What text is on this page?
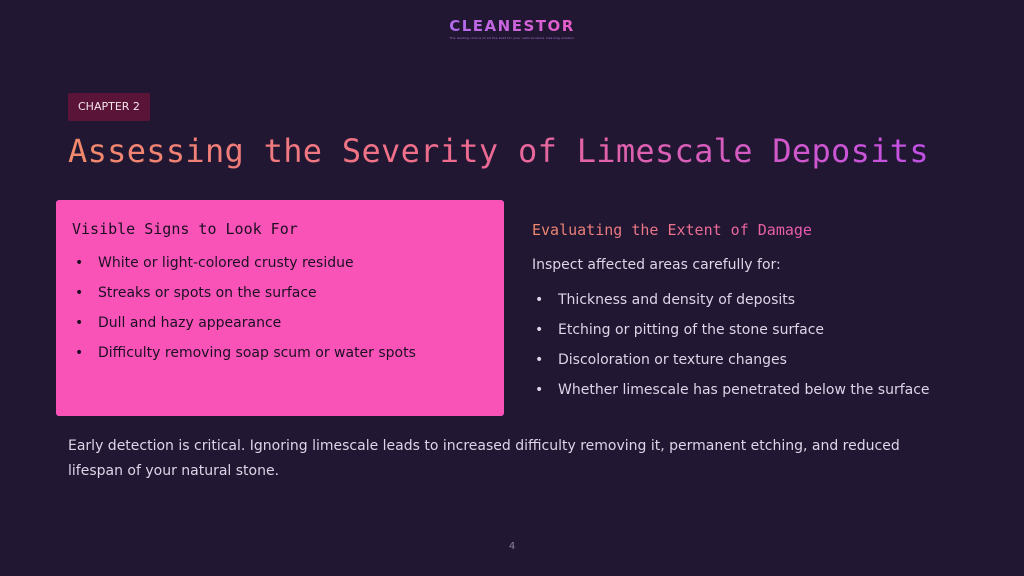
CLEANESTOR
The leading choice of all the best for your natural stone cleaning solution
CHAPTER 2
Assessing the Severity of Limescale Deposits
Visible Signs to Look For
• White or light-colored crusty residue
• Streaks or spots on the surface
• Dull and hazy appearance
• Difficulty removing soap scum or water spots
Evaluating the Extent of Damage

Inspect affected areas carefully for:

• Thickness and density of deposits
• Etching or pitting of the stone surface
• Discoloration or texture changes
• Whether limescale has penetrated below the surface

Early detection is critical. Ignoring limescale leads to increased difficulty removing it, permanent etching, and reduced lifespan of your natural stone.

4
